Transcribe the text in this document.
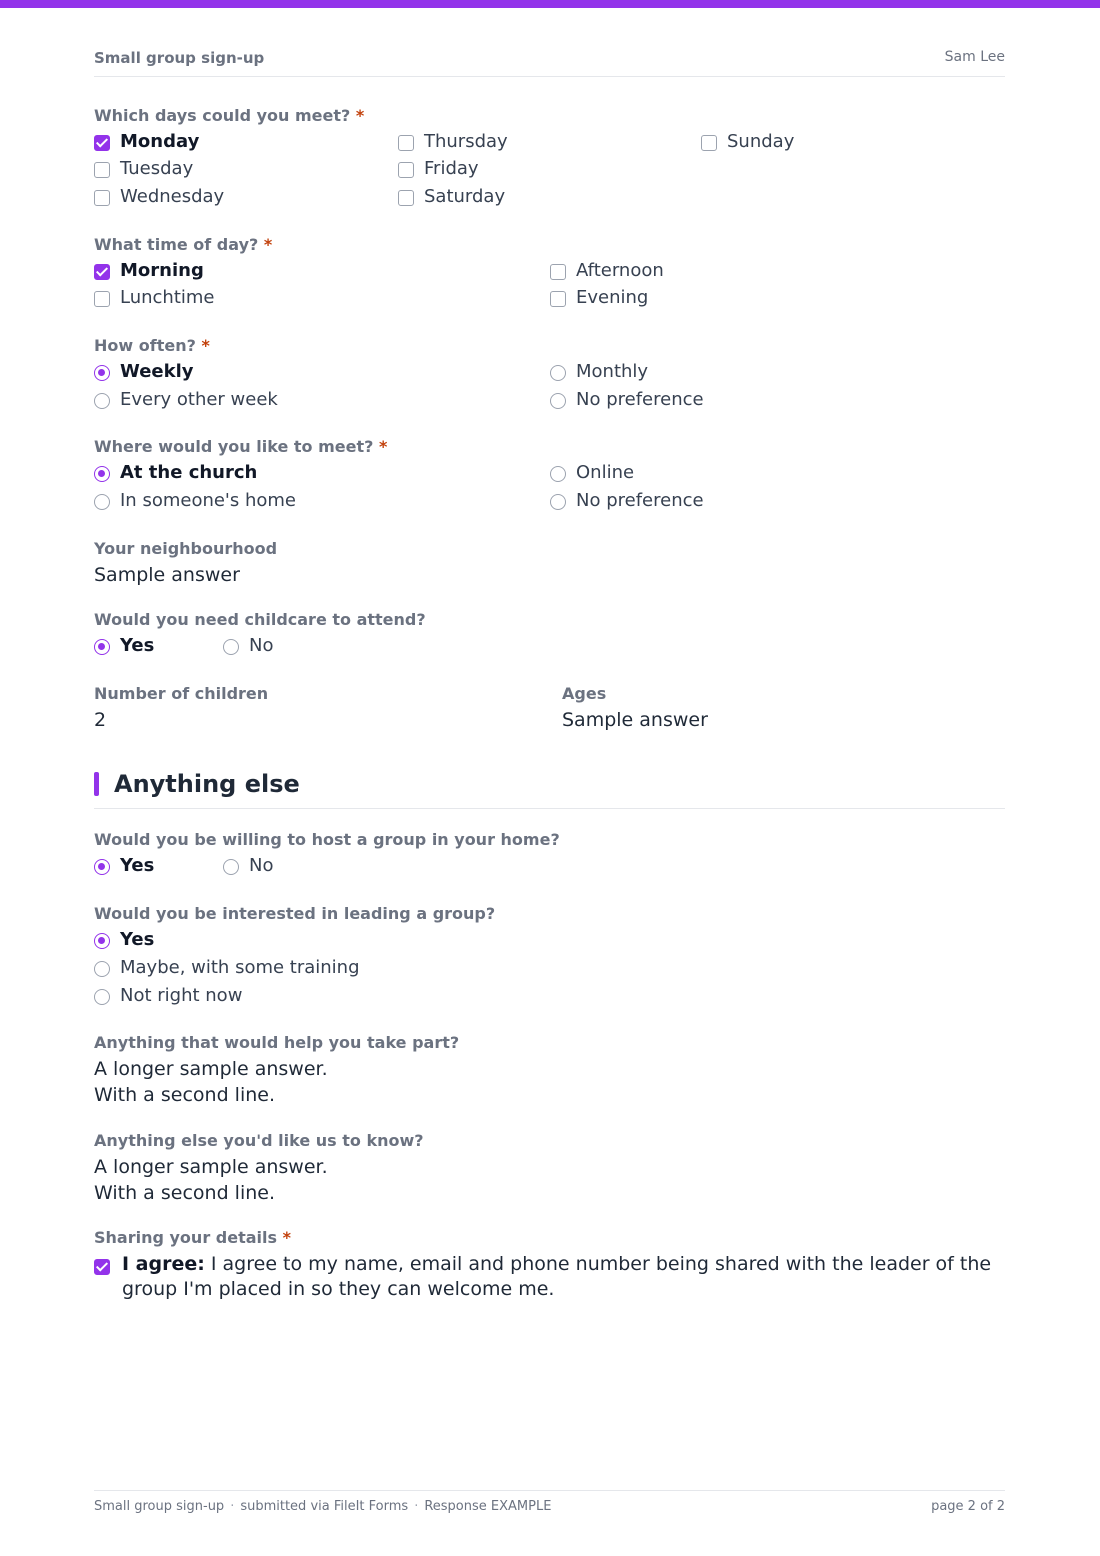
Small group sign-up	Sam Lee
Which days could you meet? *
Monday
Tuesday
Wednesday
Thursday
Friday
Saturday
Sunday
What time of day? *
Morning
Lunchtime
Afternoon
Evening
How often? *
Weekly
Every other week
Monthly
No preference
Where would you like to meet? *
At the church
In someone's home
Online
No preference
Your neighbourhood
Sample answer
Would you need childcare to attend?
Yes	No
Number of children
2
Ages
Sample answer
Anything else
Would you be willing to host a group in your home?
Yes	No
Would you be interested in leading a group?
Yes
Maybe, with some training
Not right now
Anything that would help you take part?
A longer sample answer.
With a second line.
Anything else you'd like us to know?
A longer sample answer.
With a second line.
Sharing your details *
I agree: I agree to my name, email and phone number being shared with the leader of the group I'm placed in so they can welcome me.
Small group sign-up · submitted via FileIt Forms · Response EXAMPLE	page 2 of 2
